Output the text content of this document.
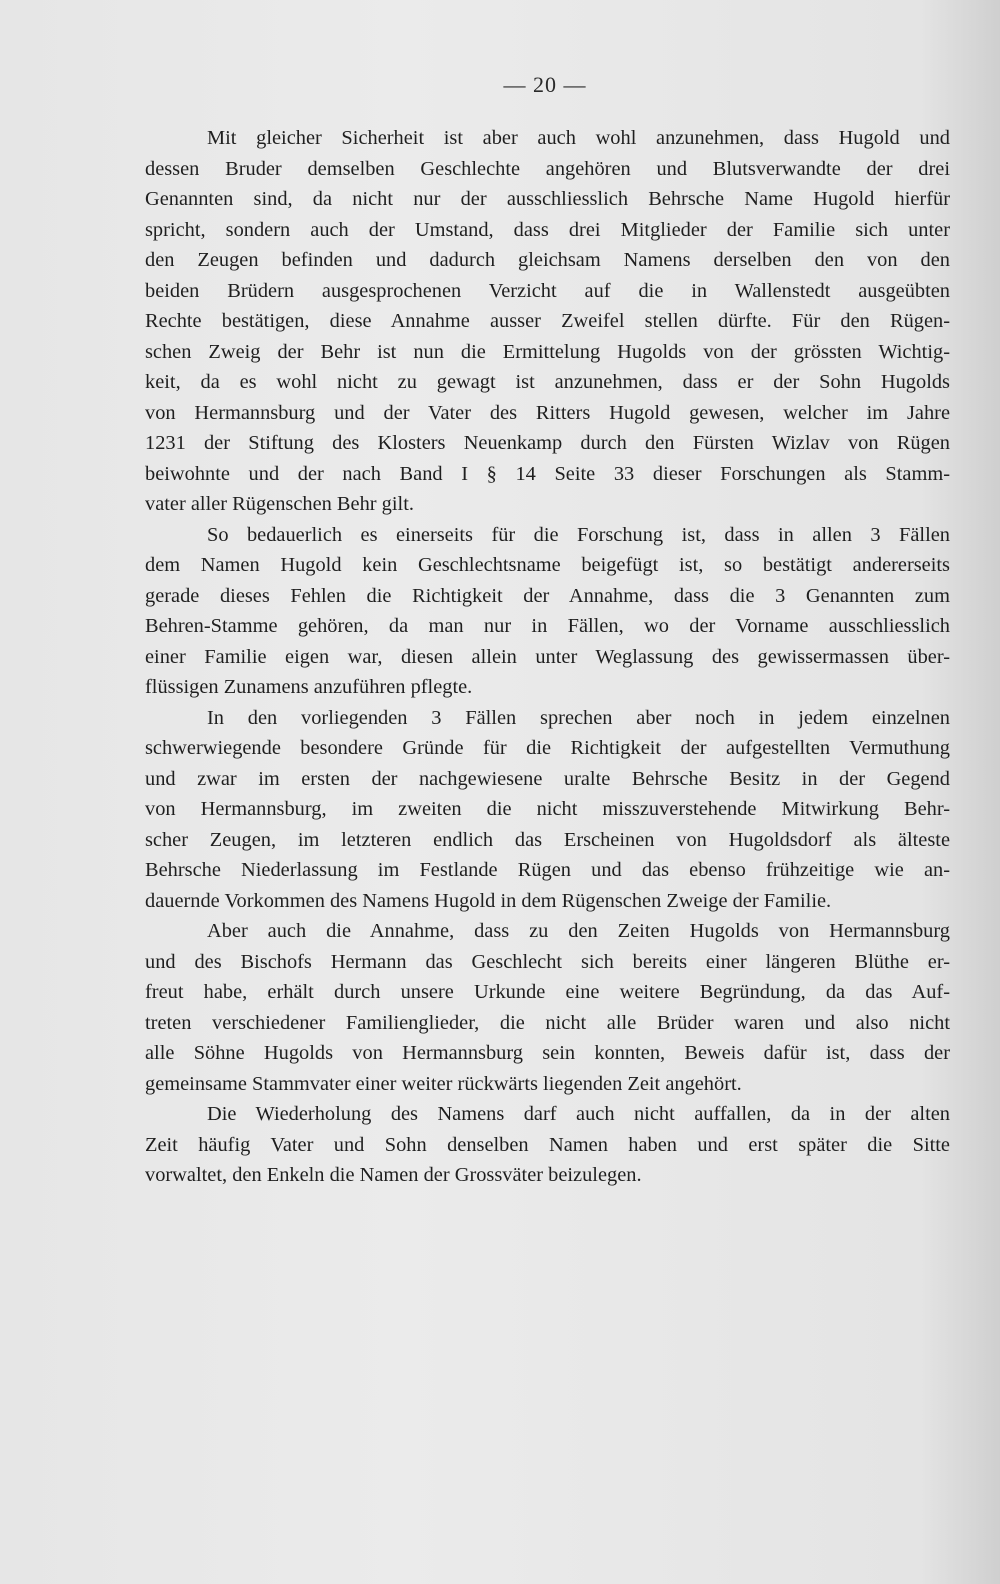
— 20 —

Mit gleicher Sicherheit ist aber auch wohl anzunehmen, dass Hugold und
dessen Bruder demselben Geschlechte angehören und Blutsverwandte der drei
Genannten sind, da nicht nur der ausschliesslich Behrsche Name Hugold hierfür
spricht, sondern auch der Umstand, dass drei Mitglieder der Familie sich unter
den Zeugen befinden und dadurch gleichsam Namens derselben den von den
beiden Brüdern ausgesprochenen Verzicht auf die in Wallenstedt ausgeübten
Rechte bestätigen, diese Annahme ausser Zweifel stellen dürfte. Für den Rügen-
schen Zweig der Behr ist nun die Ermittelung Hugolds von der grössten Wichtig-
keit, da es wohl nicht zu gewagt ist anzunehmen, dass er der Sohn Hugolds
von Hermannsburg und der Vater des Ritters Hugold gewesen, welcher im Jahre
1231 der Stiftung des Klosters Neuenkamp durch den Fürsten Wizlav von Rügen
beiwohnte und der nach Band I § 14 Seite 33 dieser Forschungen als Stamm-
vater aller Rügenschen Behr gilt.

So bedauerlich es einerseits für die Forschung ist, dass in allen 3 Fällen
dem Namen Hugold kein Geschlechtsname beigefügt ist, so bestätigt andererseits
gerade dieses Fehlen die Richtigkeit der Annahme, dass die 3 Genannten zum
Behren-Stamme gehören, da man nur in Fällen, wo der Vorname ausschliesslich
einer Familie eigen war, diesen allein unter Weglassung des gewissermassen über-
flüssigen Zunamens anzuführen pflegte.

In den vorliegenden 3 Fällen sprechen aber noch in jedem einzelnen
schwerwiegende besondere Gründe für die Richtigkeit der aufgestellten Vermuthung
und zwar im ersten der nachgewiesene uralte Behrsche Besitz in der Gegend
von Hermannsburg, im zweiten die nicht misszuverstehende Mitwirkung Behr-
scher Zeugen, im letzteren endlich das Erscheinen von Hugoldsdorf als älteste
Behrsche Niederlassung im Festlande Rügen und das ebenso frühzeitige wie an-
dauernde Vorkommen des Namens Hugold in dem Rügenschen Zweige der Familie.

Aber auch die Annahme, dass zu den Zeiten Hugolds von Hermannsburg
und des Bischofs Hermann das Geschlecht sich bereits einer längeren Blüthe er-
freut habe, erhält durch unsere Urkunde eine weitere Begründung, da das Auf-
treten verschiedener Familienglieder, die nicht alle Brüder waren und also nicht
alle Söhne Hugolds von Hermannsburg sein konnten, Beweis dafür ist, dass der
gemeinsame Stammvater einer weiter rückwärts liegenden Zeit angehört.

Die Wiederholung des Namens darf auch nicht auffallen, da in der alten
Zeit häufig Vater und Sohn denselben Namen haben und erst später die Sitte
vorwaltet, den Enkeln die Namen der Grossväter beizulegen.
